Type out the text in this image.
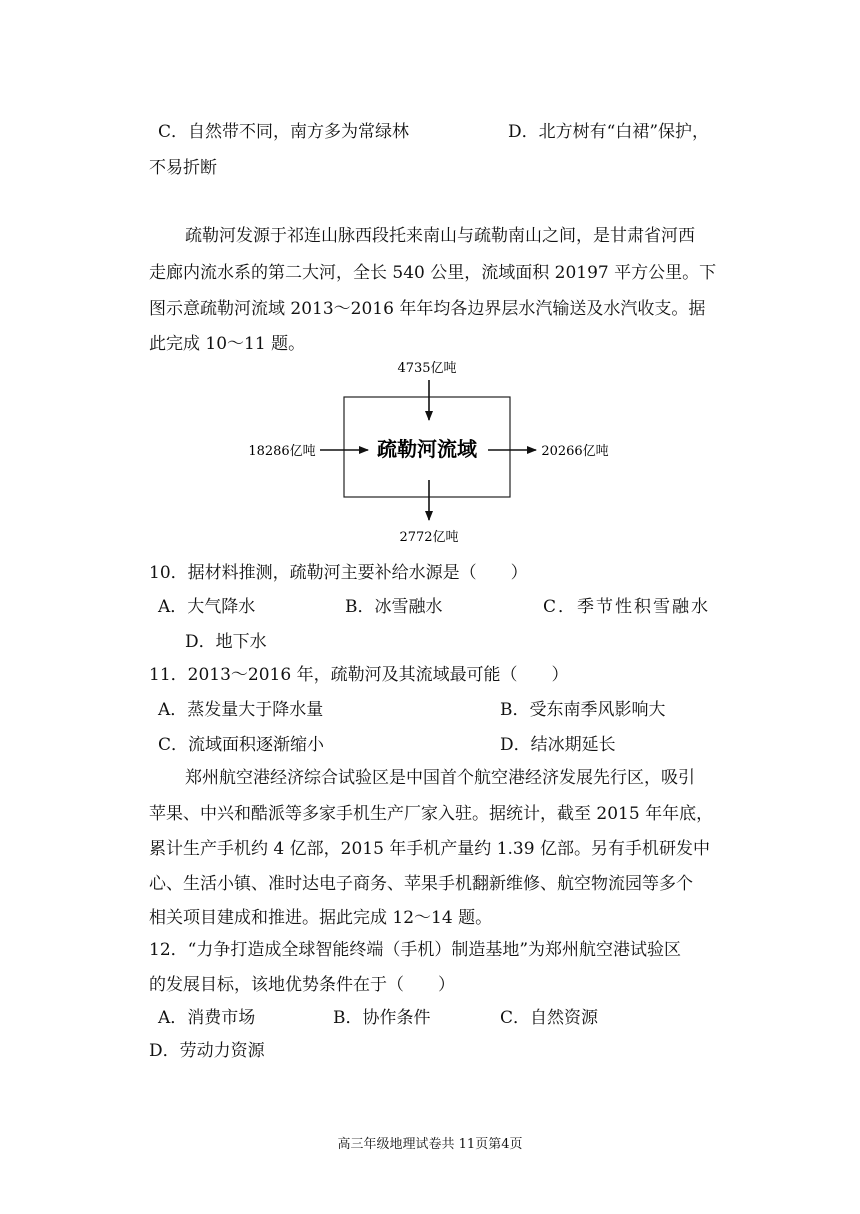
C．自然带不同，南方多为常绿林	D．北方树有“白裙”保护，
不易折断
疏勒河发源于祁连山脉西段托来南山与疏勒南山之间，是甘肃省河西
走廊内流水系的第二大河，全长 540 公里，流域面积 20197 平方公里。下
图示意疏勒河流域 2013～2016 年年均各边界层水汽输送及水汽收支。据
此完成 10～11 题。
疏勒河流域
4735亿吨
18286亿吨	20266亿吨
2772亿吨
10．据材料推测，疏勒河主要补给水源是（　　）
A．大气降水	B．冰雪融水	C．季节性积雪融水
D．地下水
11．2013～2016 年，疏勒河及其流域最可能（　　）
A．蒸发量大于降水量	B．受东南季风影响大
C．流域面积逐渐缩小	D．结冰期延长
郑州航空港经济综合试验区是中国首个航空港经济发展先行区，吸引
苹果、中兴和酷派等多家手机生产厂家入驻。据统计，截至 2015 年年底，
累计生产手机约 4 亿部，2015 年手机产量约 1.39 亿部。另有手机研发中
心、生活小镇、准时达电子商务、苹果手机翻新维修、航空物流园等多个
相关项目建成和推进。据此完成 12～14 题。
12．“力争打造成全球智能终端（手机）制造基地”为郑州航空港试验区
的发展目标，该地优势条件在于（　　）
A．消费市场	B．协作条件	C．自然资源
D．劳动力资源
高三年级地理试卷共 11页第4页
